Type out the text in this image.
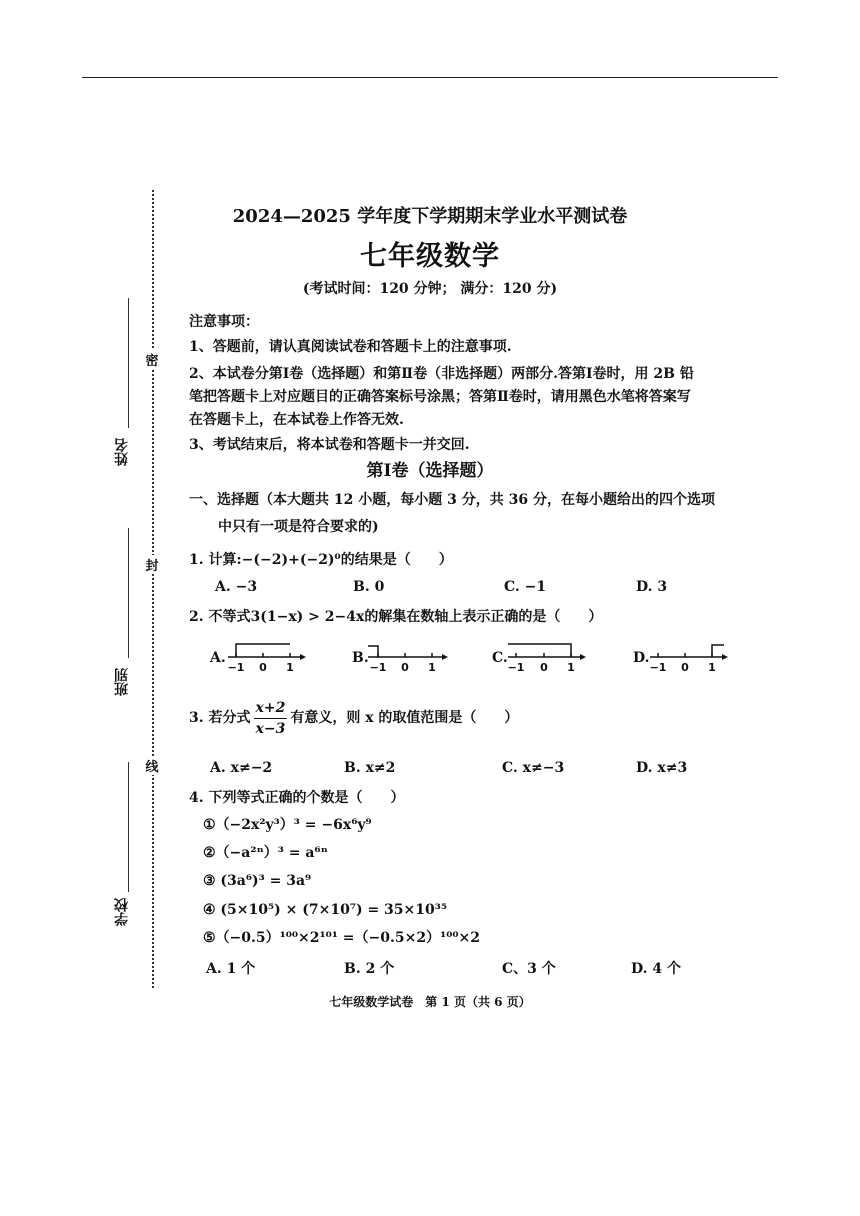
密
封
线
姓名
班别
学校
2024—2025 学年度下学期期末学业水平测试卷
七年级数学
(考试时间：120 分钟； 满分：120 分)
注意事项：
1、答题前，请认真阅读试卷和答题卡上的注意事项.
2、本试卷分第Ⅰ卷（选择题）和第Ⅱ卷（非选择题）两部分.答第Ⅰ卷时，用 2B 铅
笔把答题卡上对应题目的正确答案标号涂黑；答第Ⅱ卷时，请用黑色水笔将答案写
在答题卡上，在本试卷上作答无效.
3、考试结束后，将本试卷和答题卡一并交回.
第Ⅰ卷（选择题）
一、选择题（本大题共 12 小题，每小题 3 分，共 36 分，在每小题给出的四个选项
中只有一项是符合要求的)
1. 计算:−(−2)+(−2)⁰的结果是（　　）
A. −3	B. 0	C. −1	D. 3
2. 不等式3(1−x) > 2−4x的解集在数轴上表示正确的是（　　）
A.
−1 0 1
B.
−1 0 1
C.
−1 0 1
D.
−1 0 1
3. 若分式 $\frac{x+2}{x-3}$ 有意义，则 x 的取值范围是（　　）
A. x≠−2	B. x≠2	C. x≠−3	D. x≠3
4. 下列等式正确的个数是（　　）
①（−2x²y³）³ = −6x⁶y⁹
②（−a²ⁿ）³ = a⁶ⁿ
③ (3a⁶)³ = 3a⁹
④ (5×10⁵) × (7×10⁷) = 35×10³⁵
⑤（−0.5）¹⁰⁰×2¹⁰¹ =（−0.5×2）¹⁰⁰×2
A. 1 个	B. 2 个	C、3 个	D. 4 个
七年级数学试卷　第 1 页（共 6 页）
